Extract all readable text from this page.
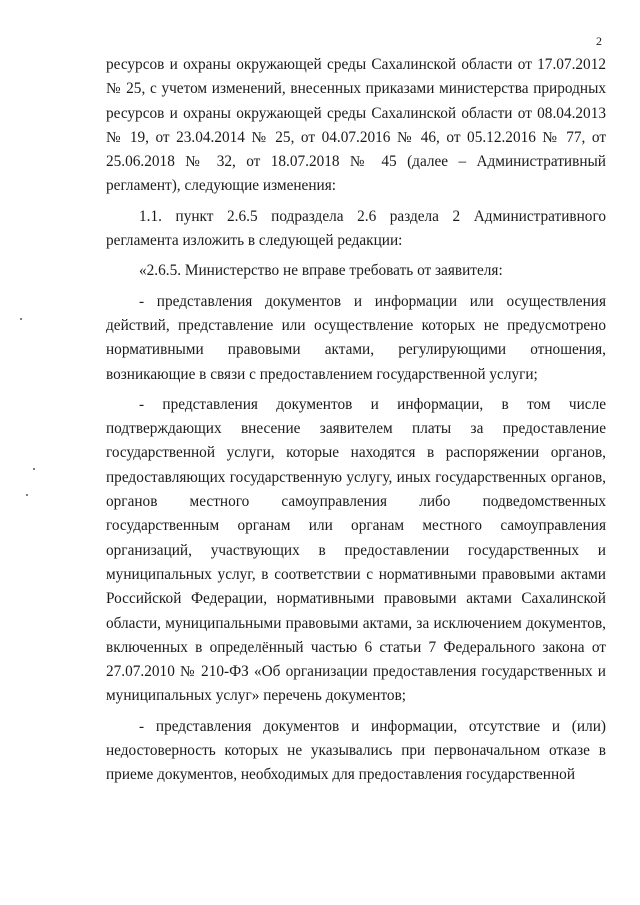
2

ресурсов и охраны окружающей среды Сахалинской области от 17.07.2012 № 25, с учетом изменений, внесенных приказами министерства природных ресурсов и охраны окружающей среды Сахалинской области от 08.04.2013 № 19, от 23.04.2014 № 25, от 04.07.2016 № 46, от 05.12.2016 № 77, от 25.06.2018 № 32, от 18.07.2018 № 45 (далее – Административный регламент), следующие изменения:

1.1. пункт 2.6.5 подраздела 2.6 раздела 2 Административного регламента изложить в следующей редакции:

«2.6.5. Министерство не вправе требовать от заявителя:

- представления документов и информации или осуществления действий, представление или осуществление которых не предусмотрено нормативными правовыми актами, регулирующими отношения, возникающие в связи с предоставлением государственной услуги;

- представления документов и информации, в том числе подтверждающих внесение заявителем платы за предоставление государственной услуги, которые находятся в распоряжении органов, предоставляющих государственную услугу, иных государственных органов, органов местного самоуправления либо подведомственных государственным органам или органам местного самоуправления организаций, участвующих в предоставлении государственных и муниципальных услуг, в соответствии с нормативными правовыми актами Российской Федерации, нормативными правовыми актами Сахалинской области, муниципальными правовыми актами, за исключением документов, включенных в определённый частью 6 статьи 7 Федерального закона от 27.07.2010 № 210-ФЗ «Об организации предоставления государственных и муниципальных услуг» перечень документов;

- представления документов и информации, отсутствие и (или) недостоверность которых не указывались при первоначальном отказе в приеме документов, необходимых для предоставления государственной
